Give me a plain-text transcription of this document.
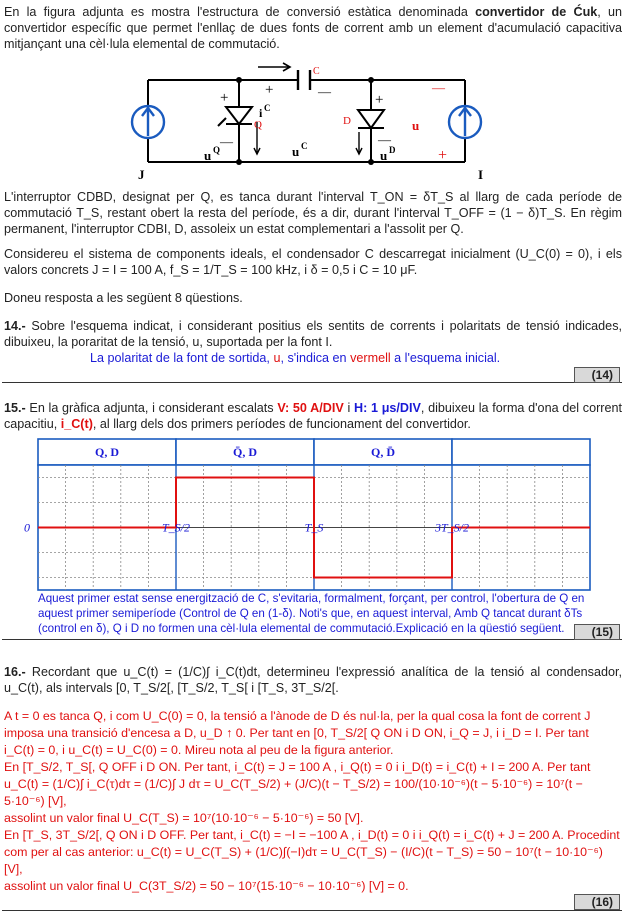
En la figura adjunta es mostra l'estructura de conversió estàtica denominada convertidor de Ćuk, un convertidor específic que permet l'enllaç de dues fonts de corrent amb un element d'acumulació capacitiva mitjançant una cèl·lula elemental de commutació.

+
—
+	—
C
Q	D
+
—
—
u
+
u Q	u C
u D
i C
J	I

L'interruptor CDBD, designat per Q, es tanca durant l'interval T_ON = δT_S al llarg de cada període de commutació T_S, restant obert la resta del període, és a dir, durant l'interval T_OFF = (1 − δ)T_S. En règim permanent, l'interruptor CDBI, D, assoleix un estat complementari a l'assolit per Q.

Considereu el sistema de components ideals, el condensador C descarregat inicialment (U_C(0) = 0), i els valors concrets J = I = 100 A, f_S = 1/T_S = 100 kHz, i δ = 0,5 i C = 10 μF.

Doneu resposta a les següent 8 qüestions.

14.- Sobre l'esquema indicat, i considerant positius els sentits de corrents i polaritats de tensió indicades, dibuixeu, la poraritat de la tensió, u, suportada per la font I.

La polaritat de la font de sortida, u, s'indica en vermell a l'esquema inicial.

(14)

15.- En la gràfica adjunta, i considerant escalats V: 50 A/DIV i H: 1 μs/DIV, dibuixeu la forma d'ona del corrent capacitiu, i_C(t), al llarg dels dos primers períodes de funcionament del convertidor.

Q, D	Q̄, D	Q, D̄
0	T_S/2	T_S	3T_S/2
Aquest primer estat sense energització de C, s'evitaria, formalment, forçant, per control, l'obertura de Q en aquest primer semiperíode (Control de Q en (1-δ). Noti's que, en aquest interval, Amb Q tancat durant δTs (control en δ), Q i D no formen una cèl·lula elemental de commutació.Explicació en la qüestió següent.	(15)

16.- Recordant que u_C(t) = (1/C)∫ i_C(t)dt, determineu l'expressió analítica de la tensió al condensador, u_C(t), als intervals [0, T_S/2[, [T_S/2, T_S[ i [T_S, 3T_S/2[.

A t = 0 es tanca Q, i com U_C(0) = 0, la tensió a l'ànode de D és nul·la, per la qual cosa la font de corrent J imposa una transició d'encesa a D, u_D ↑ 0. Per tant en [0, T_S/2[ Q ON i D ON, i_Q = J, i i_D = I. Per tant
i_C(t) = 0, i u_C(t) = U_C(0) = 0. Mireu nota al peu de la figura anterior.
En [T_S/2, T_S[, Q OFF i D ON. Per tant, i_C(t) = J = 100 A , i_Q(t) = 0 i i_D(t) = i_C(t) + I = 200 A. Per tant
u_C(t) = (1/C)∫ i_C(τ)dτ = (1/C)∫ J dτ = U_C(T_S/2) + (J/C)(t − T_S/2) = 100/(10·10⁻⁶)(t − 5·10⁻⁶) = 10⁷(t − 5·10⁻⁶) [V],
assolint un valor final U_C(T_S) = 10⁷(10·10⁻⁶ − 5·10⁻⁶) = 50 [V].
En [T_S, 3T_S/2[, Q ON i D OFF. Per tant, i_C(t) = −I = −100 A , i_D(t) = 0 i i_Q(t) = i_C(t) + J = 200 A. Procedint
com per al cas anterior: u_C(t) = U_C(T_S) + (1/C)∫(−I)dτ = U_C(T_S) − (I/C)(t − T_S) = 50 − 10⁷(t − 10·10⁻⁶) [V],
assolint un valor final U_C(3T_S/2) = 50 − 10⁷(15·10⁻⁶ − 10·10⁻⁶) [V] = 0.
(16)
